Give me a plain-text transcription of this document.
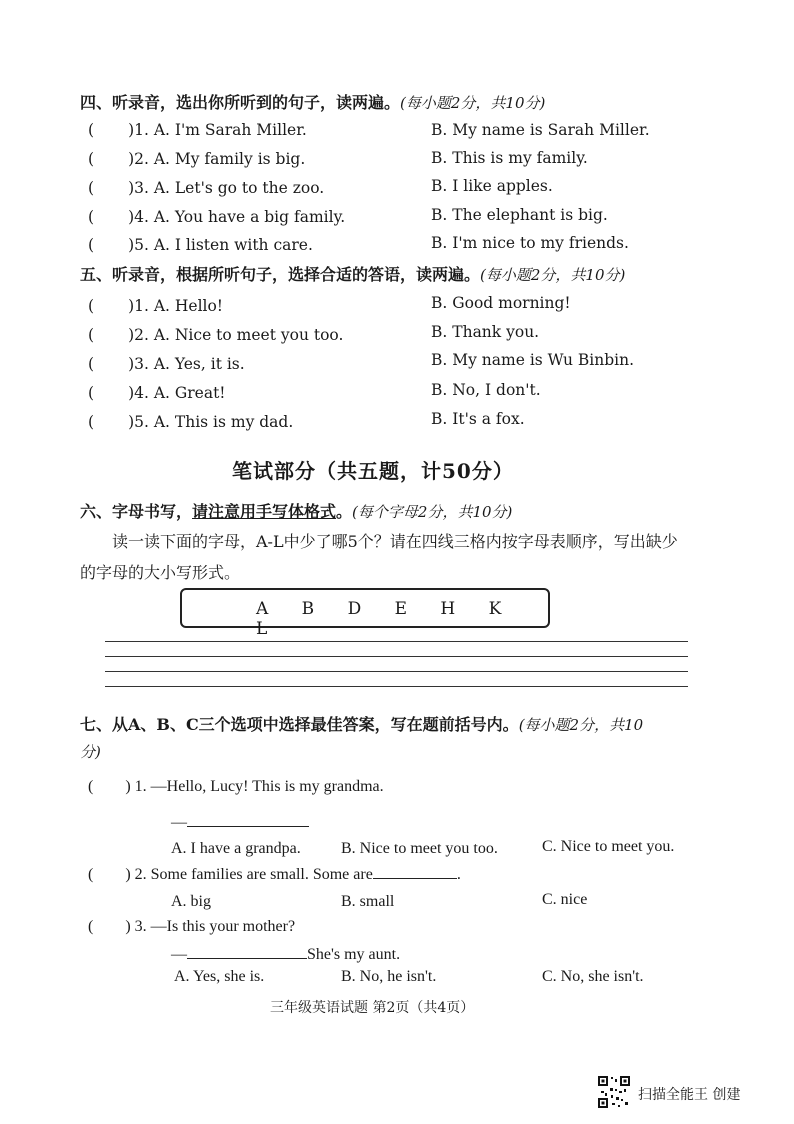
四、听录音，选出你所听到的句子，读两遍。(每小题2分，共10分)
( )1. A. I'm Sarah Miller.	B. My name is Sarah Miller.
( )2. A. My family is big.	B. This is my family.
( )3. A. Let's go to the zoo.	B. I like apples.
( )4. A. You have a big family.	B. The elephant is big.
( )5. A. I listen with care.	B. I'm nice to my friends.
五、听录音，根据所听句子，选择合适的答语，读两遍。(每小题2分，共10分)
( )1. A. Hello!	B. Good morning!
( )2. A. Nice to meet you too.	B. Thank you.
( )3. A. Yes, it is.	B. My name is Wu Binbin.
( )4. A. Great!	B. No, I don't.
( )5. A. This is my dad.	B. It's a fox.
笔试部分（共五题，计50分）
六、字母书写，请注意用手写体格式。(每个字母2分，共10分)
读一读下面的字母，A-L中少了哪5个？请在四线三格内按字母表顺序，写出缺少
的字母的大小写形式。
A B D E H K L
七、从A、B、C三个选项中选择最佳答案，写在题前括号内。(每小题2分，共10
分)
( ) 1. —Hello, Lucy! This is my grandma.
—
A. I have a grandpa.	B. Nice to meet you too.	C. Nice to meet you.
( ) 2. Some families are small. Some are	.
A. big	B. small	C. nice
( ) 3. —Is this your mother?
—	She's my aunt.
A. Yes, she is.	B. No, he isn't.	C. No, she isn't.
三年级英语试题 第2页（共4页）
扫描全能王 创建
